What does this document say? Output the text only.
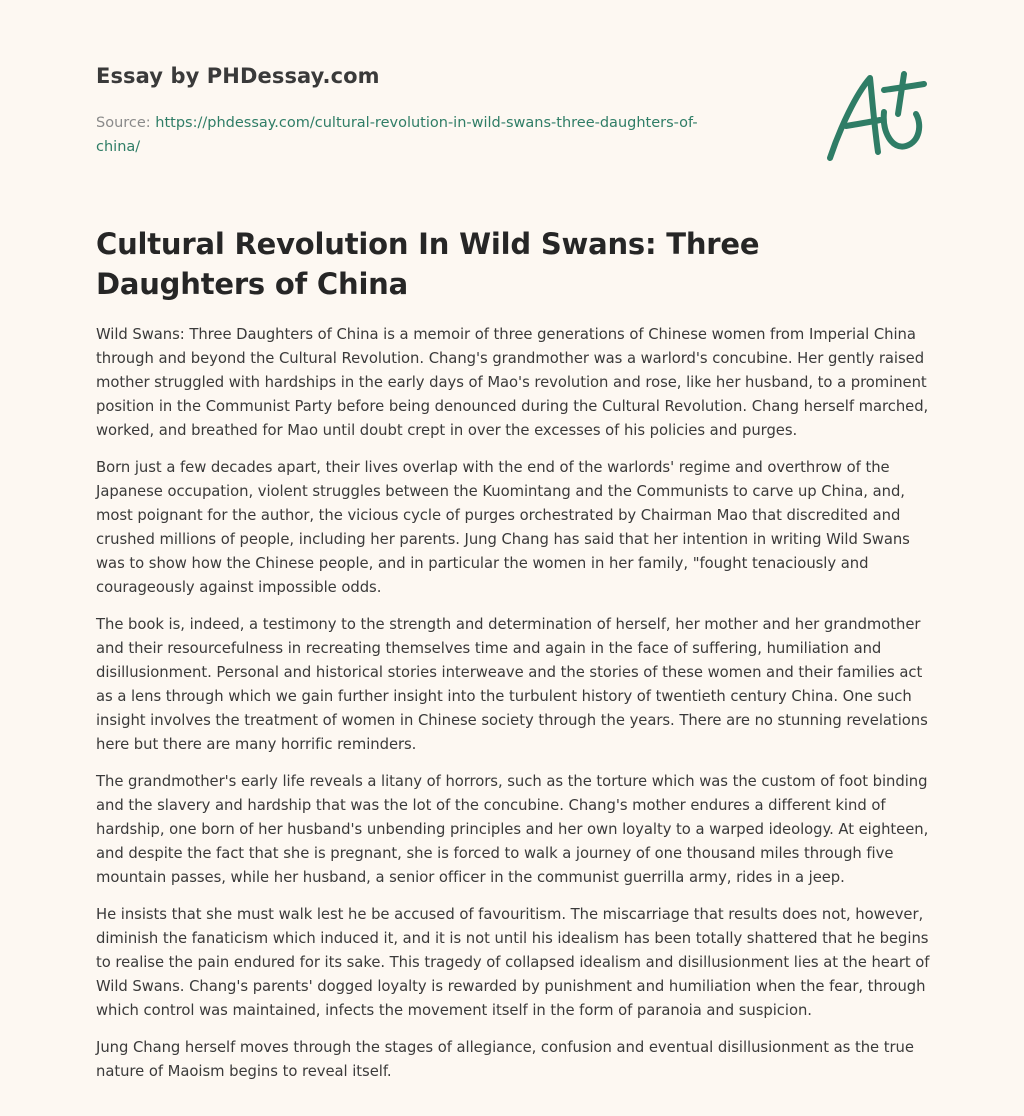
Essay by PHDessay.com
Source: https://phdessay.com/cultural-revolution-in-wild-swans-three-daughters-of-china/
Cultural Revolution In Wild Swans: Three Daughters of China

Wild Swans: Three Daughters of China is a memoir of three generations of Chinese women from Imperial China through and beyond the Cultural Revolution. Chang's grandmother was a warlord's concubine. Her gently raised mother struggled with hardships in the early days of Mao's revolution and rose, like her husband, to a prominent position in the Communist Party before being denounced during the Cultural Revolution. Chang herself marched, worked, and breathed for Mao until doubt crept in over the excesses of his policies and purges.

Born just a few decades apart, their lives overlap with the end of the warlords' regime and overthrow of the Japanese occupation, violent struggles between the Kuomintang and the Communists to carve up China, and, most poignant for the author, the vicious cycle of purges orchestrated by Chairman Mao that discredited and crushed millions of people, including her parents. Jung Chang has said that her intention in writing Wild Swans was to show how the Chinese people, and in particular the women in her family, "fought tenaciously and courageously against impossible odds.

The book is, indeed, a testimony to the strength and determination of herself, her mother and her grandmother and their resourcefulness in recreating themselves time and again in the face of suffering, humiliation and disillusionment. Personal and historical stories interweave and the stories of these women and their families act as a lens through which we gain further insight into the turbulent history of twentieth century China. One such insight involves the treatment of women in Chinese society through the years. There are no stunning revelations here but there are many horrific reminders.

The grandmother's early life reveals a litany of horrors, such as the torture which was the custom of foot binding and the slavery and hardship that was the lot of the concubine. Chang's mother endures a different kind of hardship, one born of her husband's unbending principles and her own loyalty to a warped ideology. At eighteen, and despite the fact that she is pregnant, she is forced to walk a journey of one thousand miles through five mountain passes, while her husband, a senior officer in the communist guerrilla army, rides in a jeep.

He insists that she must walk lest he be accused of favouritism. The miscarriage that results does not, however, diminish the fanaticism which induced it, and it is not until his idealism has been totally shattered that he begins to realise the pain endured for its sake. This tragedy of collapsed idealism and disillusionment lies at the heart of Wild Swans. Chang's parents' dogged loyalty is rewarded by punishment and humiliation when the fear, through which control was maintained, infects the movement itself in the form of paranoia and suspicion.

Jung Chang herself moves through the stages of allegiance, confusion and eventual disillusionment as the true nature of Maoism begins to reveal itself.
